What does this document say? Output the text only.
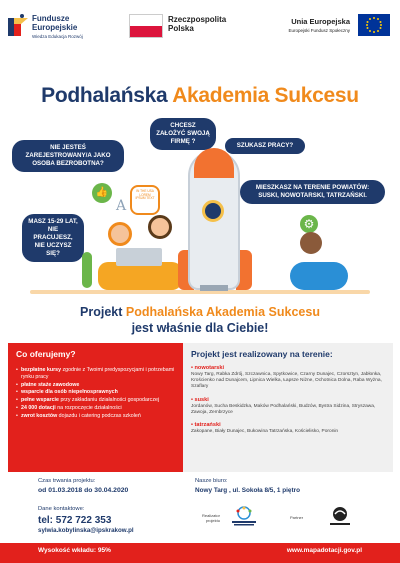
Fundusze
Europejskie
Wiedza Edukacja Rozwój
Rzeczpospolita
Polska
Unia Europejska
Europejski Fundusz Społeczny
Podhalańska Akademia Sukcesu
NIE JESTEŚ ZAREJESTROWANY/A JAKO OSOBA BEZROBOTNA?
CHCESZ ZAŁOŻYĆ SWOJĄ FIRMĘ ?
SZUKASZ PRACY?
MIESZKASZ NA TERENIE POWIATÓW: SUSKI, NOWOTARSKI, TATRZAŃSKI.
MASZ 15-29 LAT, NIE PRACUJESZ, NIE UCZYSZ SIĘ?
👍
A
IN THE USA LOREM IPSUM TEXT
⚙
Projekt Podhalańska Akademia Sukcesu
jest właśnie dla Ciebie!
Co oferujemy?
• bezpłatne kursy zgodnie z Twoimi predyspozycjami i potrzebami rynku pracy
• płatne staże zawodowe
• wsparcie dla osób niepełnosprawnych
• pełne wsparcie przy zakładaniu działalności gospodarczej
• 24 000 dotacji na rozpoczęcie działalności
• zwrot kosztów dojazdu i catering podczas szkoleń
Projekt jest realizowany na terenie:
• nowotarski
Nowy Targ, Rabka Zdrój, Szczawnica, Spytkowice, Czarny Dunajec, Czorsztyn, Jabłonka, Krościenko nad Dunajcem, Lipnica Wielka, Łapsze Niżne, Ochotnica Dolna, Raba Wyżna, Szaflary
• suski
Jordanów, Sucha Beskidzka, Maków Podhalański, Budzów, Bystra Sidzina, Stryszawa, Zawoja, Zembrzyce
• tatrzański
Zakopane, Biały Dunajec, Bukowina Tatrzańska, Kościelisko, Poronin
Czas trwania projektu:
od 01.03.2018 do 30.04.2020
Dane kontaktowe:
tel: 572 722 353
sylwia.kobylinska@ipskrakow.pl
Nasze biuro:
Nowy Targ , ul. Sokoła 8/5, 1 piętro
Realizator projektu
Partner
Wysokość wkładu: 95%	www.mapadotacji.gov.pl
